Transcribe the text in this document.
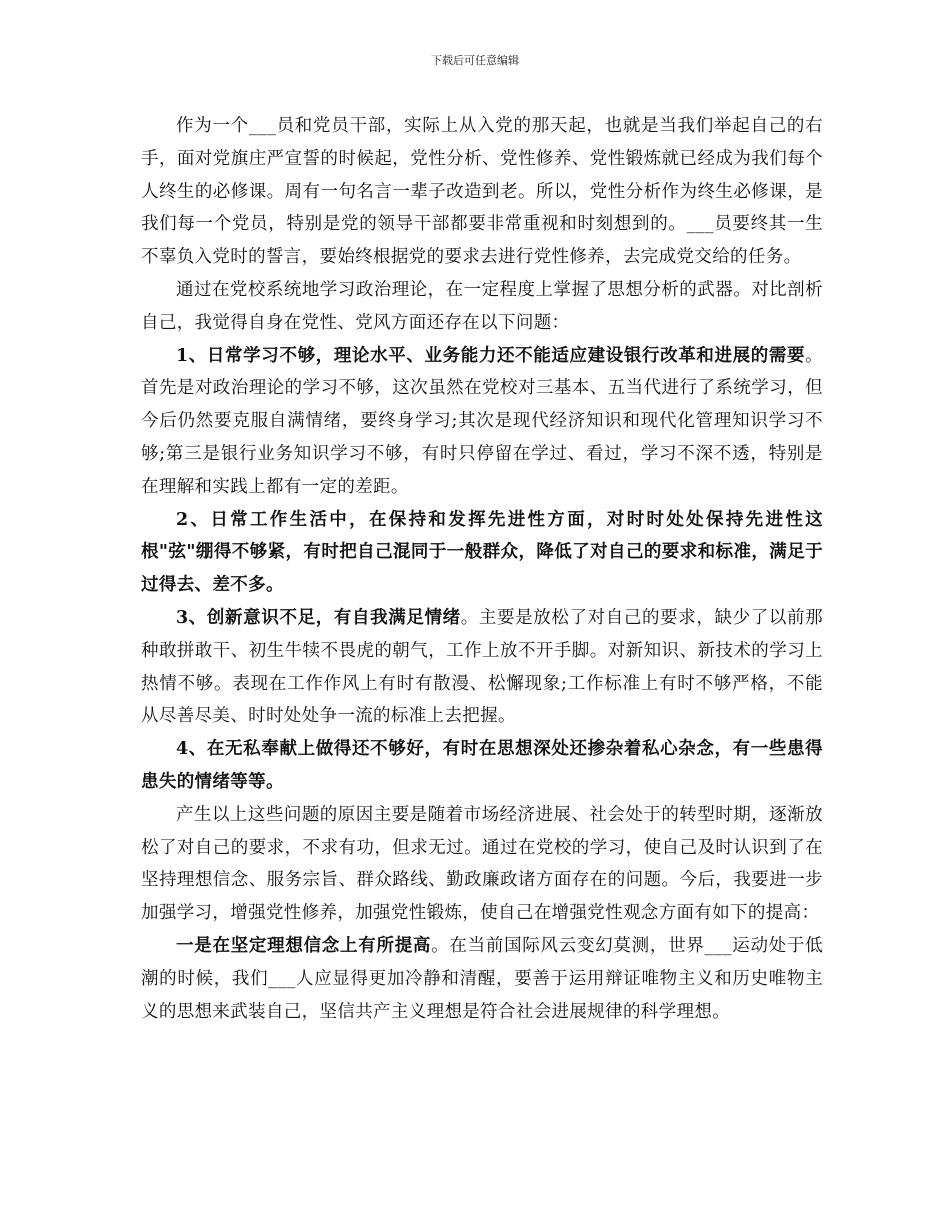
下载后可任意编辑

作为一个___员和党员干部，实际上从入党的那天起，也就是当我们举起自己的右手，面对党旗庄严宣誓的时候起，党性分析、党性修养、党性锻炼就已经成为我们每个人终生的必修课。周有一句名言一辈子改造到老。所以，党性分析作为终生必修课，是我们每一个党员，特别是党的领导干部都要非常重视和时刻想到的。___员要终其一生不辜负入党时的誓言，要始终根据党的要求去进行党性修养，去完成党交给的任务。

通过在党校系统地学习政治理论，在一定程度上掌握了思想分析的武器。对比剖析自己，我觉得自身在党性、党风方面还存在以下问题：

1、日常学习不够，理论水平、业务能力还不能适应建设银行改革和进展的需要。首先是对政治理论的学习不够，这次虽然在党校对三基本、五当代进行了系统学习，但今后仍然要克服自满情绪，要终身学习;其次是现代经济知识和现代化管理知识学习不够;第三是银行业务知识学习不够，有时只停留在学过、看过，学习不深不透，特别是在理解和实践上都有一定的差距。

2、日常工作生活中，在保持和发挥先进性方面，对时时处处保持先进性这根"弦"绷得不够紧，有时把自己混同于一般群众，降低了对自己的要求和标准，满足于过得去、差不多。

3、创新意识不足，有自我满足情绪。主要是放松了对自己的要求，缺少了以前那种敢拼敢干、初生牛犊不畏虎的朝气，工作上放不开手脚。对新知识、新技术的学习上热情不够。表现在工作作风上有时有散漫、松懈现象;工作标准上有时不够严格，不能从尽善尽美、时时处处争一流的标准上去把握。

4、在无私奉献上做得还不够好，有时在思想深处还掺杂着私心杂念，有一些患得患失的情绪等等。

产生以上这些问题的原因主要是随着市场经济进展、社会处于的转型时期，逐渐放松了对自己的要求，不求有功，但求无过。通过在党校的学习，使自己及时认识到了在坚持理想信念、服务宗旨、群众路线、勤政廉政诸方面存在的问题。今后，我要进一步加强学习，增强党性修养，加强党性锻炼，使自己在增强党性观念方面有如下的提高：

一是在坚定理想信念上有所提高。在当前国际风云变幻莫测，世界___运动处于低潮的时候，我们___人应显得更加冷静和清醒，要善于运用辩证唯物主义和历史唯物主义的思想来武装自己，坚信共产主义理想是符合社会进展规律的科学理想。
